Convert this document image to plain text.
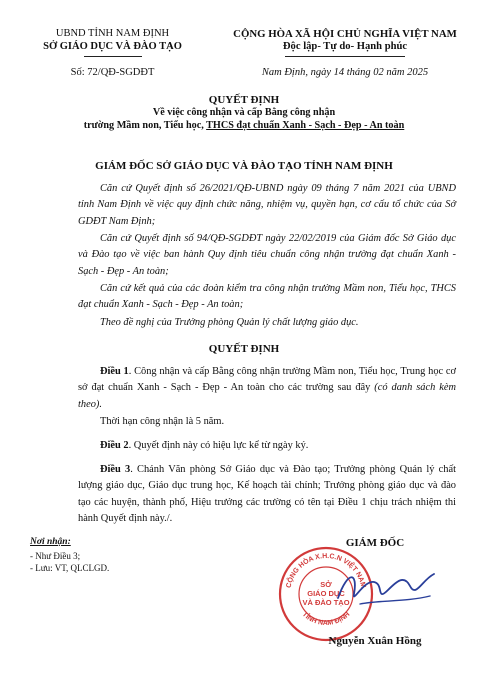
UBND TỈNH NAM ĐỊNH
SỞ GIÁO DỤC VÀ ĐÀO TẠO
Số: 72/QĐ-SGDĐT
CỘNG HÒA XÃ HỘI CHỦ NGHĨA VIỆT NAM
Độc lập- Tự do- Hạnh phúc
Nam Định, ngày 14 tháng 02 năm 2025
QUYẾT ĐỊNH
Về việc công nhận và cấp Bằng công nhận
trường Mầm non, Tiểu học, THCS đạt chuẩn Xanh - Sạch - Đẹp - An toàn
GIÁM ĐỐC SỞ GIÁO DỤC VÀ ĐÀO TẠO TỈNH NAM ĐỊNH
Căn cứ Quyết định số 26/2021/QĐ-UBND ngày 09 tháng 7 năm 2021 của UBND tỉnh Nam Định về việc quy định chức năng, nhiệm vụ, quyền hạn, cơ cấu tổ chức của Sở GDĐT Nam Định;
Căn cứ Quyết định số 94/QĐ-SGDĐT ngày 22/02/2019 của Giám đốc Sở Giáo dục và Đào tạo về việc ban hành Quy định tiêu chuẩn công nhận trường đạt chuẩn Xanh - Sạch - Đẹp - An toàn;
Căn cứ kết quả của các đoàn kiểm tra công nhận trường Mầm non, Tiểu học, THCS đạt chuẩn Xanh - Sạch - Đẹp - An toàn;
Theo đề nghị của Trưởng phòng Quản lý chất lượng giáo dục.
QUYẾT ĐỊNH
Điều 1. Công nhận và cấp Bằng công nhận trường Mầm non, Tiểu học, Trung học cơ sở đạt chuẩn Xanh - Sạch - Đẹp - An toàn cho các trường sau đây (có danh sách kèm theo).
Thời hạn công nhận là 5 năm.
Điều 2. Quyết định này có hiệu lực kể từ ngày ký.
Điều 3. Chánh Văn phòng Sở Giáo dục và Đào tạo; Trưởng phòng Quản lý chất lượng giáo dục, Giáo dục trung học, Kế hoạch tài chính; Trưởng phòng giáo dục và đào tạo các huyện, thành phố, Hiệu trưởng các trường có tên tại Điều 1 chịu trách nhiệm thi hành Quyết định này./.
Nơi nhận:
- Như Điều 3;
- Lưu: VT, QLCLGD.
GIÁM ĐỐC
CỘNG HÒA X.H.C.N VIỆT NAM
TỈNH NAM ĐỊNH
SỞ
GIÁO DỤC
VÀ ĐÀO TẠO
Nguyễn Xuân Hồng
